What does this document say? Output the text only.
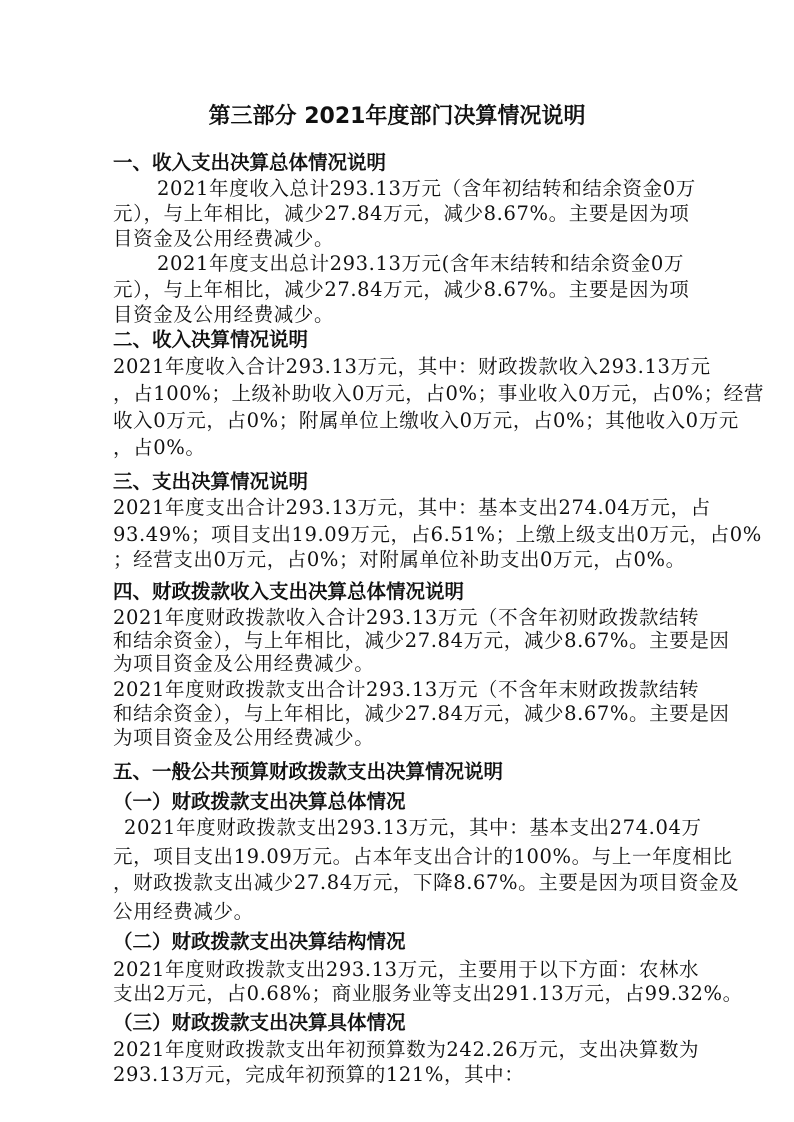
第三部分 2021年度部门决算情况说明
一、收入支出决算总体情况说明
2021年度收入总计293.13万元（含年初结转和结余资金0万
元），与上年相比，减少27.84万元，减少8.67%。主要是因为项
目资金及公用经费减少。
2021年度支出总计293.13万元(含年末结转和结余资金0万
元），与上年相比，减少27.84万元，减少8.67%。主要是因为项
目资金及公用经费减少。
二、收入决算情况说明
2021年度收入合计293.13万元，其中：财政拨款收入293.13万元
，占100%；上级补助收入0万元，占0%；事业收入0万元，占0%；经营
收入0万元，占0%；附属单位上缴收入0万元，占0%；其他收入0万元
，占0%。
三、支出决算情况说明
2021年度支出合计293.13万元，其中：基本支出274.04万元，占
93.49%；项目支出19.09万元，占6.51%；上缴上级支出0万元，占0%
；经营支出0万元，占0%；对附属单位补助支出0万元，占0%。
四、财政拨款收入支出决算总体情况说明
2021年度财政拨款收入合计293.13万元（不含年初财政拨款结转
和结余资金），与上年相比，减少27.84万元，减少8.67%。主要是因
为项目资金及公用经费减少。
2021年度财政拨款支出合计293.13万元（不含年末财政拨款结转
和结余资金），与上年相比，减少27.84万元，减少8.67%。主要是因
为项目资金及公用经费减少。
五、一般公共预算财政拨款支出决算情况说明
（一）财政拨款支出决算总体情况
2021年度财政拨款支出293.13万元，其中：基本支出274.04万
元，项目支出19.09万元。占本年支出合计的100%。与上一年度相比
，财政拨款支出减少27.84万元，下降8.67%。主要是因为项目资金及
公用经费减少。
（二）财政拨款支出决算结构情况
2021年度财政拨款支出293.13万元，主要用于以下方面：农林水
支出2万元，占0.68%；商业服务业等支出291.13万元，占99.32%。
（三）财政拨款支出决算具体情况
2021年度财政拨款支出年初预算数为242.26万元，支出决算数为
293.13万元，完成年初预算的121%，其中：
